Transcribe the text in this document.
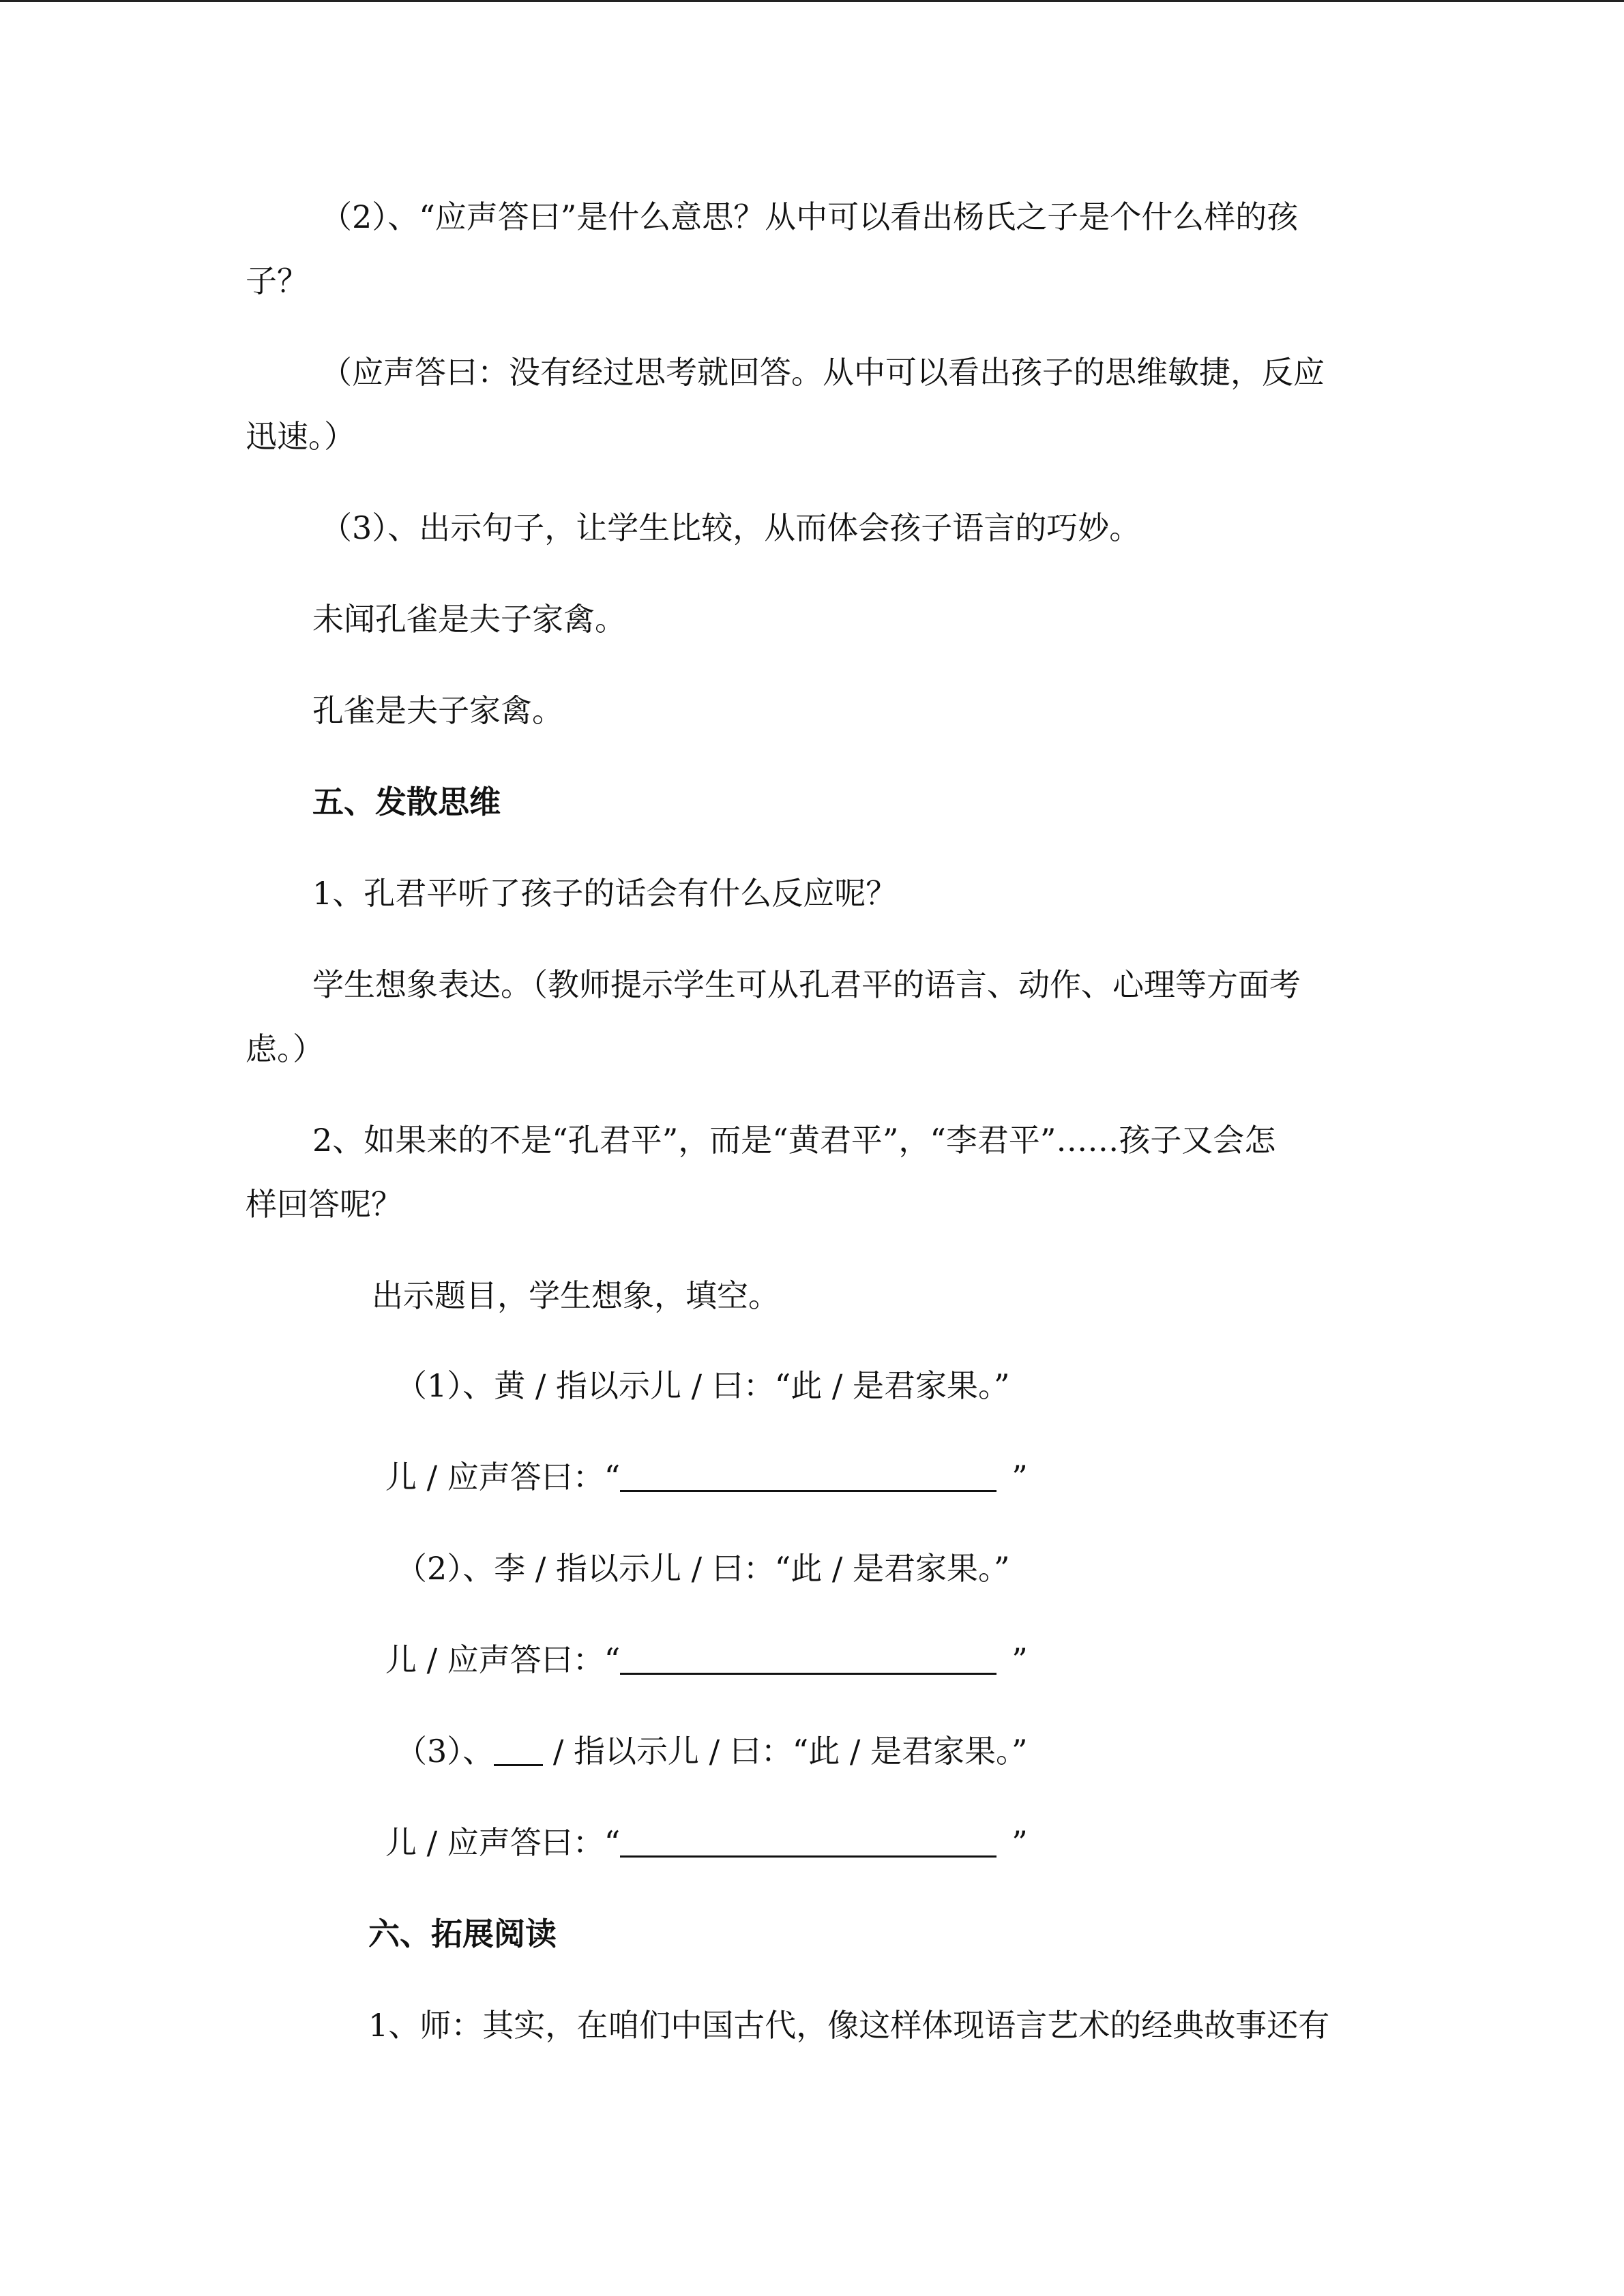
（2）、“应声答曰”是什么意思？从中可以看出杨氏之子是个什么样的孩
子？
（应声答曰：没有经过思考就回答。从中可以看出孩子的思维敏捷，反应
迅速。）
（3）、出示句子，让学生比较，从而体会孩子语言的巧妙。
未闻孔雀是夫子家禽。
孔雀是夫子家禽。
五、发散思维
1、孔君平听了孩子的话会有什么反应呢？
学生想象表达。（教师提示学生可从孔君平的语言、动作、心理等方面考
虑。）
2、如果来的不是“孔君平”，而是“黄君平”，“李君平”……孩子又会怎
样回答呢？
出示题目，学生想象，填空。
（1）、黄 / 指以示儿 / 曰：“此 / 是君家果。”
儿 / 应声答曰：“	”
（2）、李 / 指以示儿 / 曰：“此 / 是君家果。”
儿 / 应声答曰：“	”
（3）、 / 指以示儿 / 曰：“此 / 是君家果。”
儿 / 应声答曰：“	”
六、拓展阅读
1、师：其实，在咱们中国古代，像这样体现语言艺术的经典故事还有
